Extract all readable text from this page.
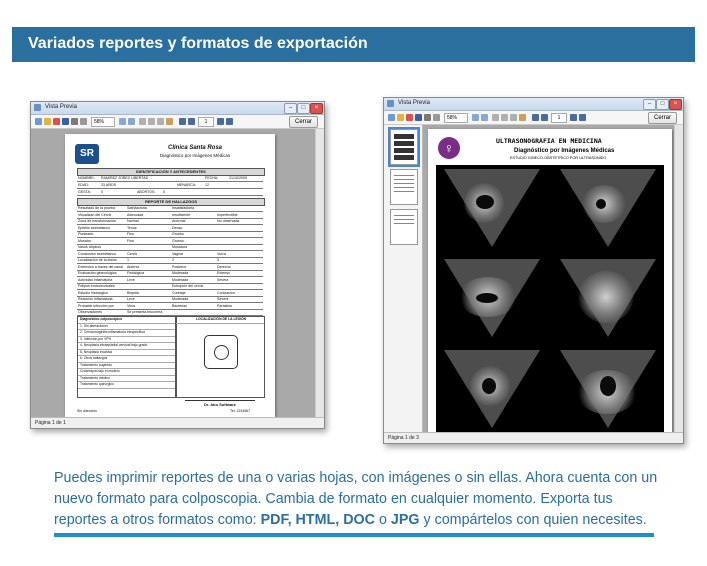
Variados reportes y formatos de exportación
Vista Previa	–	□	×
58%	1	Cerrar
SR	Clínica Santa Rosa
Diagnóstico por Imágenes Médicas
IDENTIFICACIÓN Y ANTECEDENTES
NOMBRE: RAMIREZ JOREZ LIBERTAD	FECHA:	21/10/2009
EDAD:	33 AÑOS	MENARCA:	12
GESTA:	0	ABORTOS: 0
REPORTE DE HALLAZGOS
Resultado de la prueba	Satisfactoria	Insatisfactoria
Visualizan del Cérvix	Adecuada	Insuficiente	Imperfectible
Zona de transformación	Normal	Anormal	No observada
Epitelio acetoblanco	Tenue	Denso
Punteado	Fino	Grueso
Mosaico	Fino	Grueso
Vasos atípicos	Mosaicos
Conclusión acetoblanco	Cervix	Vagina	Vulva
Localización de la lesión	1	2	3
Extensión a través del canal Anterior	Posterior	Derecho
Evaluación ginecológica	Fisiológica	Moderada	Extenso
Actividad Inflamatoria	Leve	Moderada	Severa
Pólipos endocervicales	Ectropión del cérvix
Estudio histológico	Biopsia	Curetaje	Conización
Reacción inflamatoria	Leve	Moderada	Severa
Probable infección por	Virus	Bacterias	Parásitos
Observaciones	Se presenta leucorrea
Diagnóstico colposcópico
1. Sin alteraciones
2. Cervicovaginitis inflamatoria inespecífica
3. Infección por VPH
4. Neoplasia intraepitelial cervical bajo grado
5. Neoplasia invasiva
6. Otros hallazgos
Tratamiento sugerido
Crioterapia bajo el modelo
Tratamiento médico
Tratamiento quirúrgico
LOCALIZACIÓN DE LA LESIÓN
Dr. Abo Software
Sin dirección	Tel: 1234567
Página 1 de 1
Vista Previa	–	□	×
58%	1	Cerrar
♀	ULTRASONOGRAFIA EN MEDICINA
Diagnóstico por Imágenes Médicas
ESTUDIO GINECO-OBSTETRICO POR ULTRASONIDO
Página 1 de 3

Puedes imprimir reportes de una o varias hojas, con imágenes o sin ellas. Ahora cuenta con un nuevo formato para colposcopia. Cambia de formato en cualquier momento. Exporta tus reportes a otros formatos como: PDF, HTML, DOC o JPG y compártelos con quien necesites.
